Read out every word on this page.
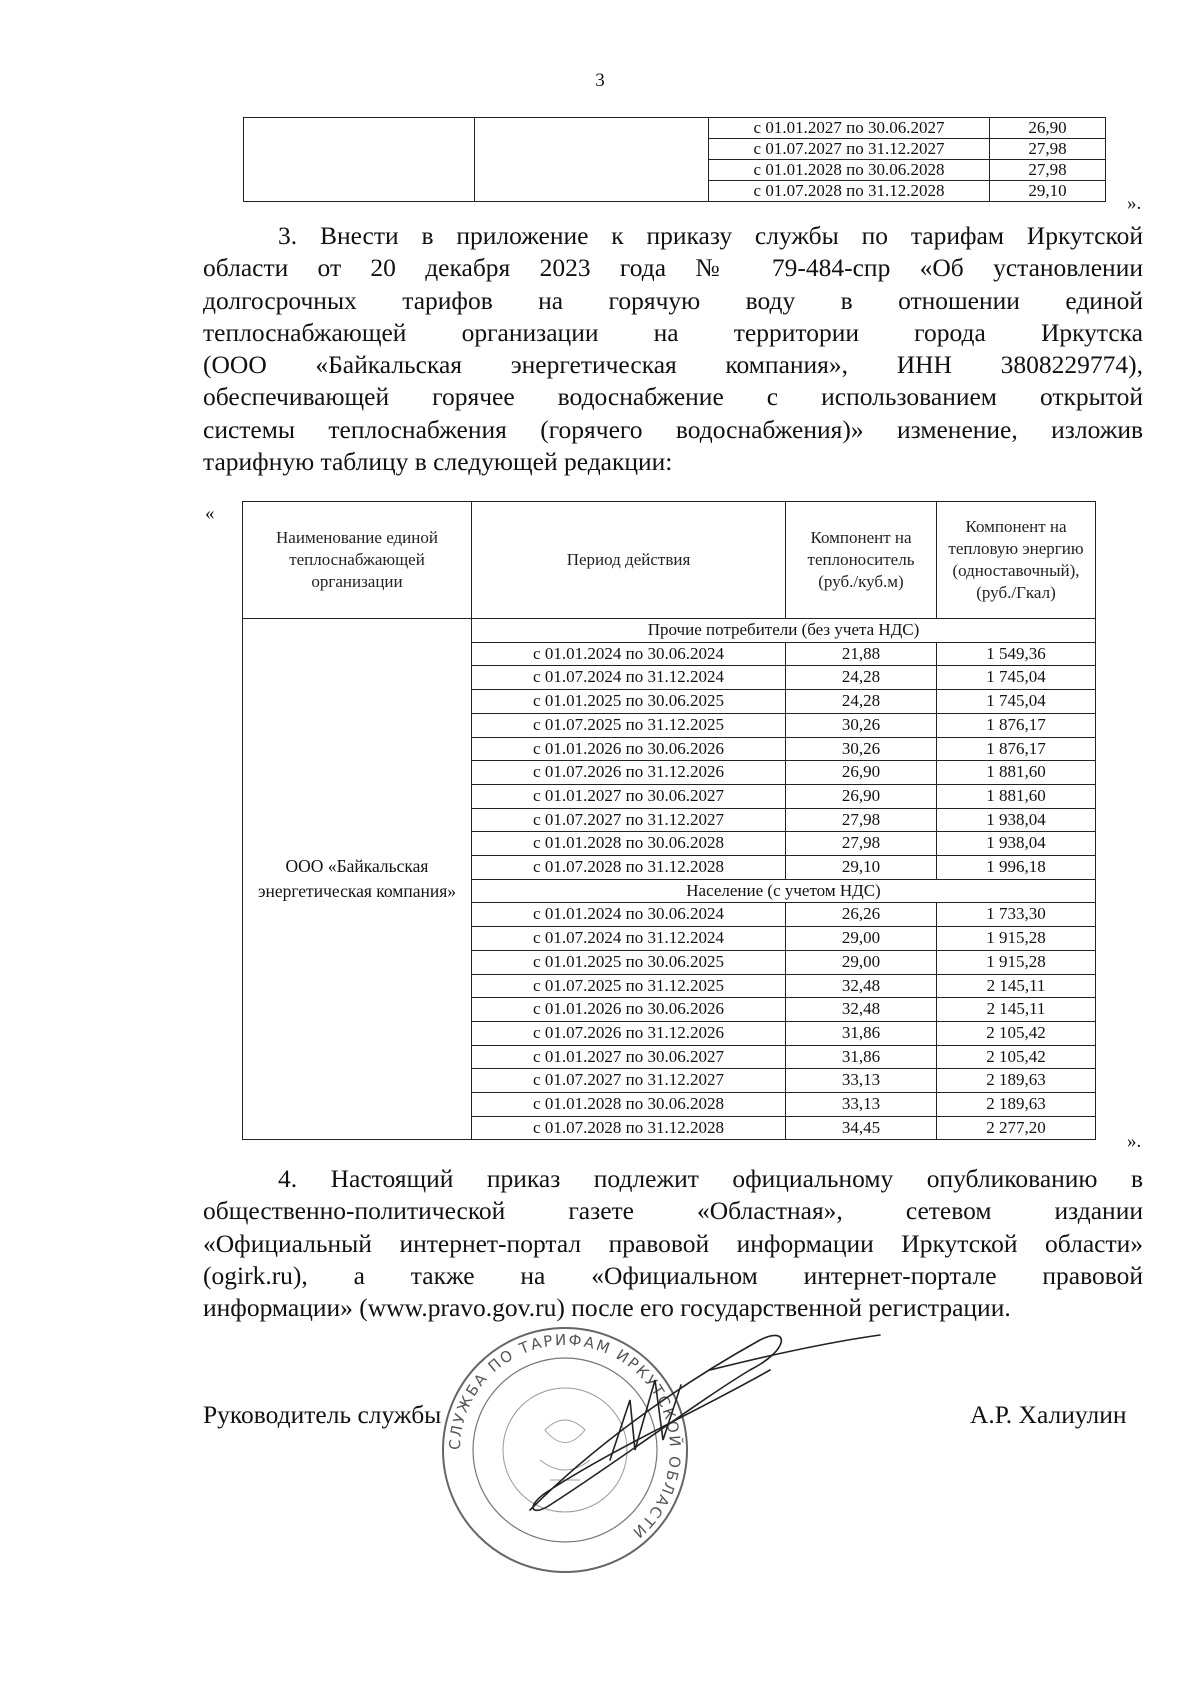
3
		с 01.01.2027 по 30.06.2027	26,90
		с 01.07.2027 по 31.12.2027	27,98
		с 01.01.2028 по 30.06.2028	27,98
		с 01.07.2028 по 31.12.2028	29,10
».
3. Внести в приложение к приказу службы по тарифам Иркутской
области от 20 декабря 2023 года № 79-484-спр «Об установлении
долгосрочных тарифов на горячую воду в отношении единой
теплоснабжающей организации на территории города Иркутска
(ООО «Байкальская энергетическая компания», ИНН 3808229774),
обеспечивающей горячее водоснабжение с использованием открытой
системы теплоснабжения (горячего водоснабжения)» изменение, изложив
тарифную таблицу в следующей редакции:
«
Наименование единой теплоснабжающей организации	Период действия	Компонент на теплоноситель (руб./куб.м)	Компонент на тепловую энергию (одноставочный), (руб./Гкал)
ООО «Байкальская энергетическая компания»	Прочие потребители (без учета НДС)		
	с 01.01.2024 по 30.06.2024	21,88	1 549,36
	с 01.07.2024 по 31.12.2024	24,28	1 745,04
	с 01.01.2025 по 30.06.2025	24,28	1 745,04
	с 01.07.2025 по 31.12.2025	30,26	1 876,17
	с 01.01.2026 по 30.06.2026	30,26	1 876,17
	с 01.07.2026 по 31.12.2026	26,90	1 881,60
	с 01.01.2027 по 30.06.2027	26,90	1 881,60
	с 01.07.2027 по 31.12.2027	27,98	1 938,04
	с 01.01.2028 по 30.06.2028	27,98	1 938,04
	с 01.07.2028 по 31.12.2028	29,10	1 996,18
	Население (с учетом НДС)		
	с 01.01.2024 по 30.06.2024	26,26	1 733,30
	с 01.07.2024 по 31.12.2024	29,00	1 915,28
	с 01.01.2025 по 30.06.2025	29,00	1 915,28
	с 01.07.2025 по 31.12.2025	32,48	2 145,11
	с 01.01.2026 по 30.06.2026	32,48	2 145,11
	с 01.07.2026 по 31.12.2026	31,86	2 105,42
	с 01.01.2027 по 30.06.2027	31,86	2 105,42
	с 01.07.2027 по 31.12.2027	33,13	2 189,63
	с 01.01.2028 по 30.06.2028	33,13	2 189,63
	с 01.07.2028 по 31.12.2028	34,45	2 277,20
».
4. Настоящий приказ подлежит официальному опубликованию в
общественно-политической газете «Областная», сетевом издании
«Официальный интернет-портал правовой информации Иркутской области»
(ogirk.ru), а также на «Официальном интернет-портале правовой
информации» (www.pravo.gov.ru) после его государственной регистрации.
СЛУЖБА ПО ТАРИФАМ ИРКУТСКОЙ ОБЛАСТИ
Руководитель службы	А.Р. Халиулин
